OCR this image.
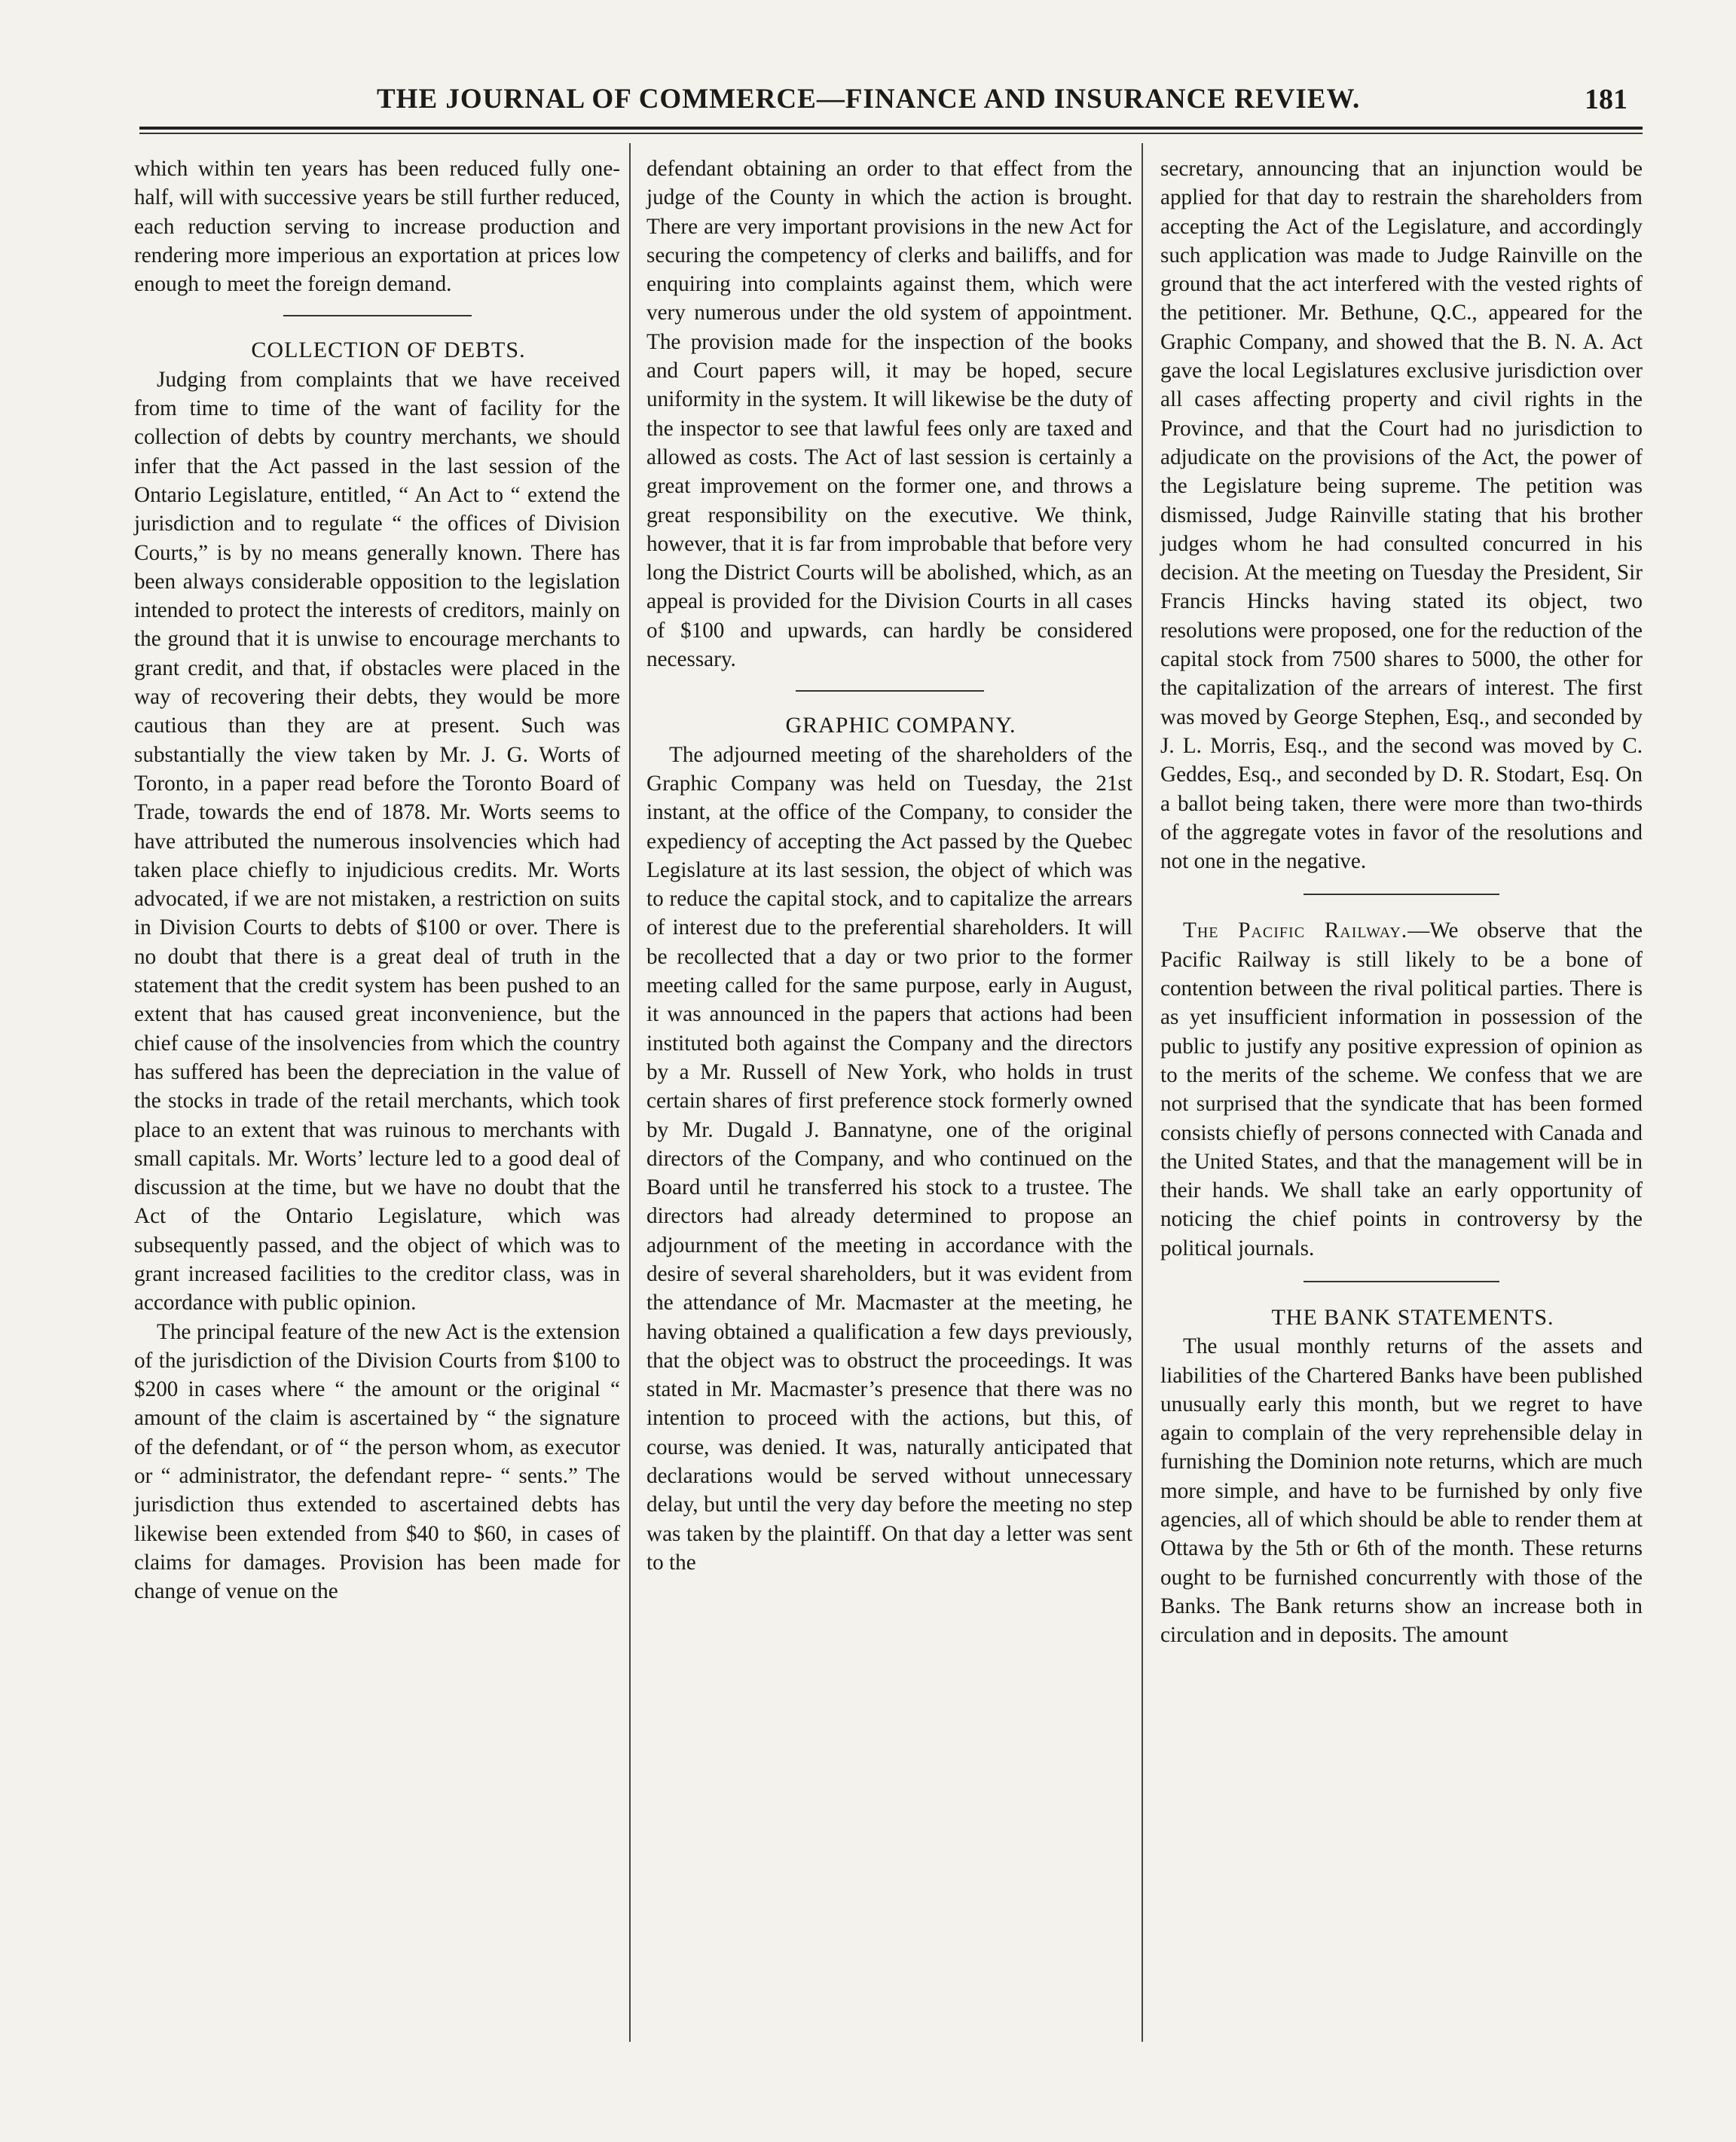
THE JOURNAL OF COMMERCE—FINANCE AND INSURANCE REVIEW.	181

which within ten years has been reduced fully one-half, will with successive years be still further reduced, each reduction serving to increase production and rendering more imperious an exportation at prices low enough to meet the foreign demand.

COLLECTION OF DEBTS.

Judging from complaints that we have received from time to time of the want of facility for the collection of debts by country merchants, we should infer that the Act passed in the last session of the Ontario Legislature, entitled, “ An Act to “ extend the jurisdiction and to regulate “ the offices of Division Courts,” is by no means generally known. There has been always considerable opposition to the legislation intended to protect the interests of creditors, mainly on the ground that it is unwise to encourage merchants to grant credit, and that, if obstacles were placed in the way of recovering their debts, they would be more cautious than they are at present. Such was substantially the view taken by Mr. J. G. Worts of Toronto, in a paper read before the Toronto Board of Trade, towards the end of 1878. Mr. Worts seems to have attributed the numerous insolvencies which had taken place chiefly to injudicious credits. Mr. Worts advocated, if we are not mistaken, a restriction on suits in Division Courts to debts of $100 or over. There is no doubt that there is a great deal of truth in the statement that the credit system has been pushed to an extent that has caused great inconvenience, but the chief cause of the insolvencies from which the country has suffered has been the depreciation in the value of the stocks in trade of the retail merchants, which took place to an extent that was ruinous to merchants with small capitals. Mr. Worts’ lecture led to a good deal of discussion at the time, but we have no doubt that the Act of the Ontario Legislature, which was subsequently passed, and the object of which was to grant increased facilities to the creditor class, was in accordance with public opinion.

The principal feature of the new Act is the extension of the jurisdiction of the Division Courts from $100 to $200 in cases where “ the amount or the original “ amount of the claim is ascertained by “ the signature of the defendant, or of “ the person whom, as executor or “ administrator, the defendant repre- “ sents.” The jurisdiction thus extended to ascertained debts has likewise been extended from $40 to $60, in cases of claims for damages. Provision has been made for change of venue on the

defendant obtaining an order to that effect from the judge of the County in which the action is brought. There are very important provisions in the new Act for securing the competency of clerks and bailiffs, and for enquiring into complaints against them, which were very numerous under the old system of appointment. The provision made for the inspection of the books and Court papers will, it may be hoped, secure uniformity in the system. It will likewise be the duty of the inspector to see that lawful fees only are taxed and allowed as costs. The Act of last session is certainly a great improvement on the former one, and throws a great responsibility on the executive. We think, however, that it is far from improbable that before very long the District Courts will be abolished, which, as an appeal is provided for the Division Courts in all cases of $100 and upwards, can hardly be considered necessary.

GRAPHIC COMPANY.

The adjourned meeting of the shareholders of the Graphic Company was held on Tuesday, the 21st instant, at the office of the Company, to consider the expediency of accepting the Act passed by the Quebec Legislature at its last session, the object of which was to reduce the capital stock, and to capitalize the arrears of interest due to the preferential shareholders. It will be recollected that a day or two prior to the former meeting called for the same purpose, early in August, it was announced in the papers that actions had been instituted both against the Company and the directors by a Mr. Russell of New York, who holds in trust certain shares of first preference stock formerly owned by Mr. Dugald J. Bannatyne, one of the original directors of the Company, and who continued on the Board until he transferred his stock to a trustee. The directors had already determined to propose an adjournment of the meeting in accordance with the desire of several shareholders, but it was evident from the attendance of Mr. Macmaster at the meeting, he having obtained a qualification a few days previously, that the object was to obstruct the proceedings. It was stated in Mr. Macmaster’s presence that there was no intention to proceed with the actions, but this, of course, was denied. It was, naturally anticipated that declarations would be served without unnecessary delay, but until the very day before the meeting no step was taken by the plaintiff. On that day a letter was sent to the

secretary, announcing that an injunction would be applied for that day to restrain the shareholders from accepting the Act of the Legislature, and accordingly such application was made to Judge Rainville on the ground that the act interfered with the vested rights of the petitioner. Mr. Bethune, Q.C., appeared for the Graphic Company, and showed that the B. N. A. Act gave the local Legislatures exclusive jurisdiction over all cases affecting property and civil rights in the Province, and that the Court had no jurisdiction to adjudicate on the provisions of the Act, the power of the Legislature being supreme. The petition was dismissed, Judge Rainville stating that his brother judges whom he had consulted concurred in his decision. At the meeting on Tuesday the President, Sir Francis Hincks having stated its object, two resolutions were proposed, one for the reduction of the capital stock from 7500 shares to 5000, the other for the capitalization of the arrears of interest. The first was moved by George Stephen, Esq., and seconded by J. L. Morris, Esq., and the second was moved by C. Geddes, Esq., and seconded by D. R. Stodart, Esq. On a ballot being taken, there were more than two-thirds of the aggregate votes in favor of the resolutions and not one in the negative.

The Pacific Railway.—We observe that the Pacific Railway is still likely to be a bone of contention between the rival political parties. There is as yet insufficient information in possession of the public to justify any positive expression of opinion as to the merits of the scheme. We confess that we are not surprised that the syndicate that has been formed consists chiefly of persons connected with Canada and the United States, and that the management will be in their hands. We shall take an early opportunity of noticing the chief points in controversy by the political journals.

THE BANK STATEMENTS.

The usual monthly returns of the assets and liabilities of the Chartered Banks have been published unusually early this month, but we regret to have again to complain of the very reprehensible delay in furnishing the Dominion note returns, which are much more simple, and have to be furnished by only five agencies, all of which should be able to render them at Ottawa by the 5th or 6th of the month. These returns ought to be furnished concurrently with those of the Banks. The Bank returns show an increase both in circulation and in deposits. The amount
